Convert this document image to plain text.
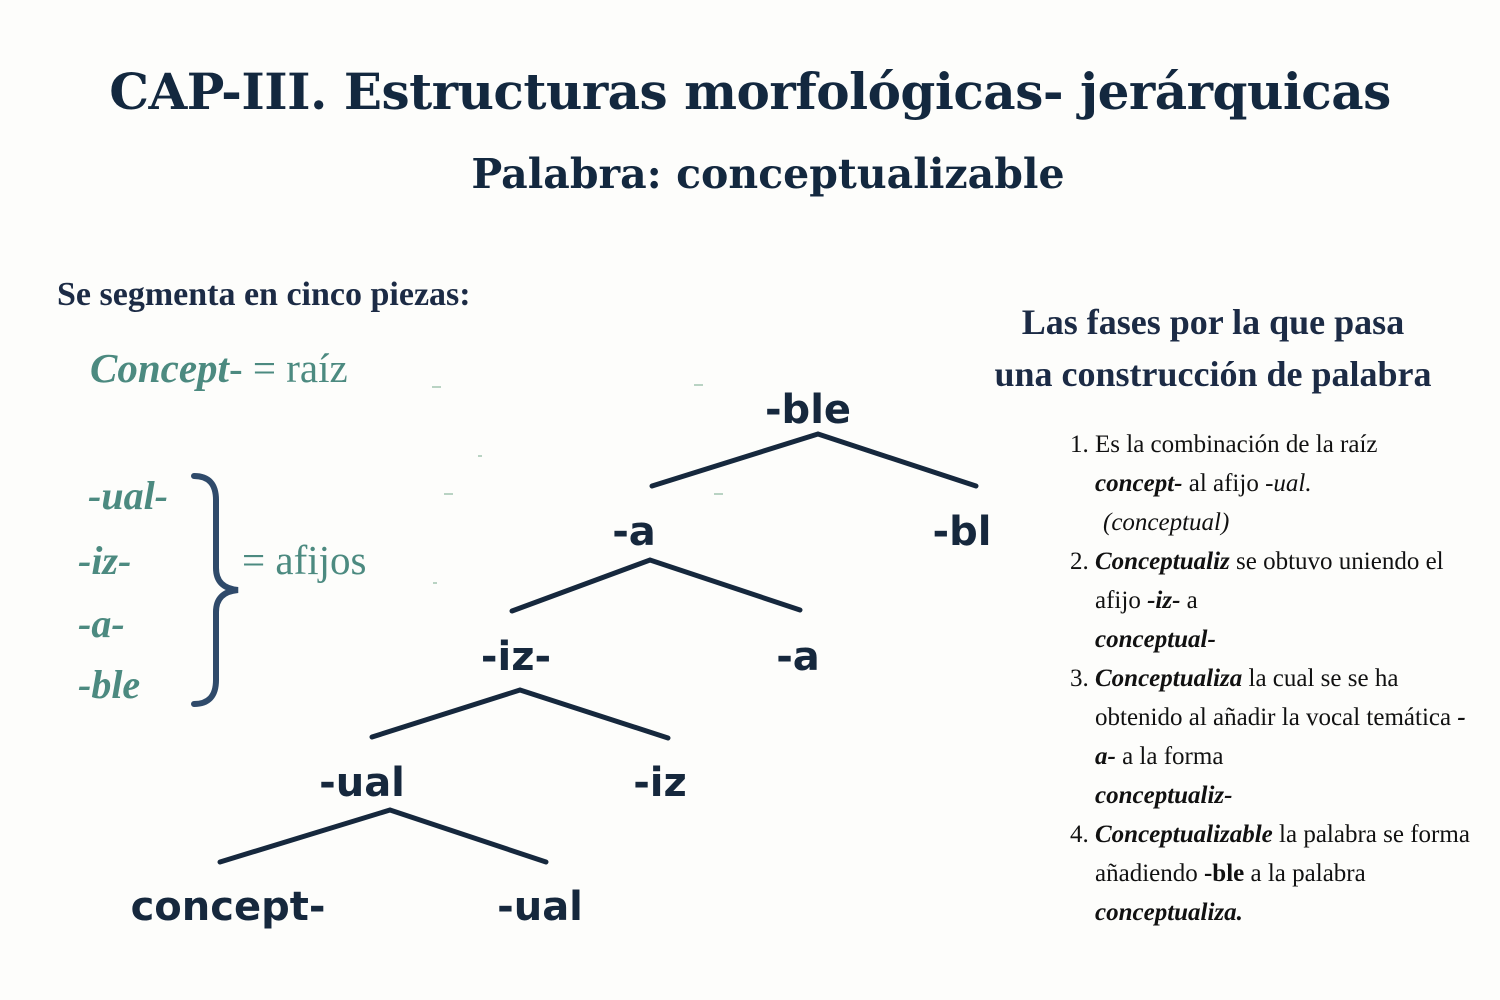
CAP-III. Estructuras morfológicas- jerárquicas
Palabra: conceptualizable
Se segmenta en cinco piezas:
Concept- = raíz
-ual-
-iz-
-a-
-ble
= afijos
-ble
-bl
-a
-a
-iz-
-iz
-ual
-ual
concept-
Las fases por la que pasa
una construcción de palabra
1. Es la combinación de la raíz concept- al afijo -ual.
(conceptual)
2. Conceptualiz se obtuvo uniendo el afijo -iz- a
conceptual-
3. Conceptualiza la cual se se ha obtenido al añadir la vocal temática -a- a la forma
conceptualiz-
4. Conceptualizable la palabra se forma añadiendo -ble a la palabra conceptualiza.
